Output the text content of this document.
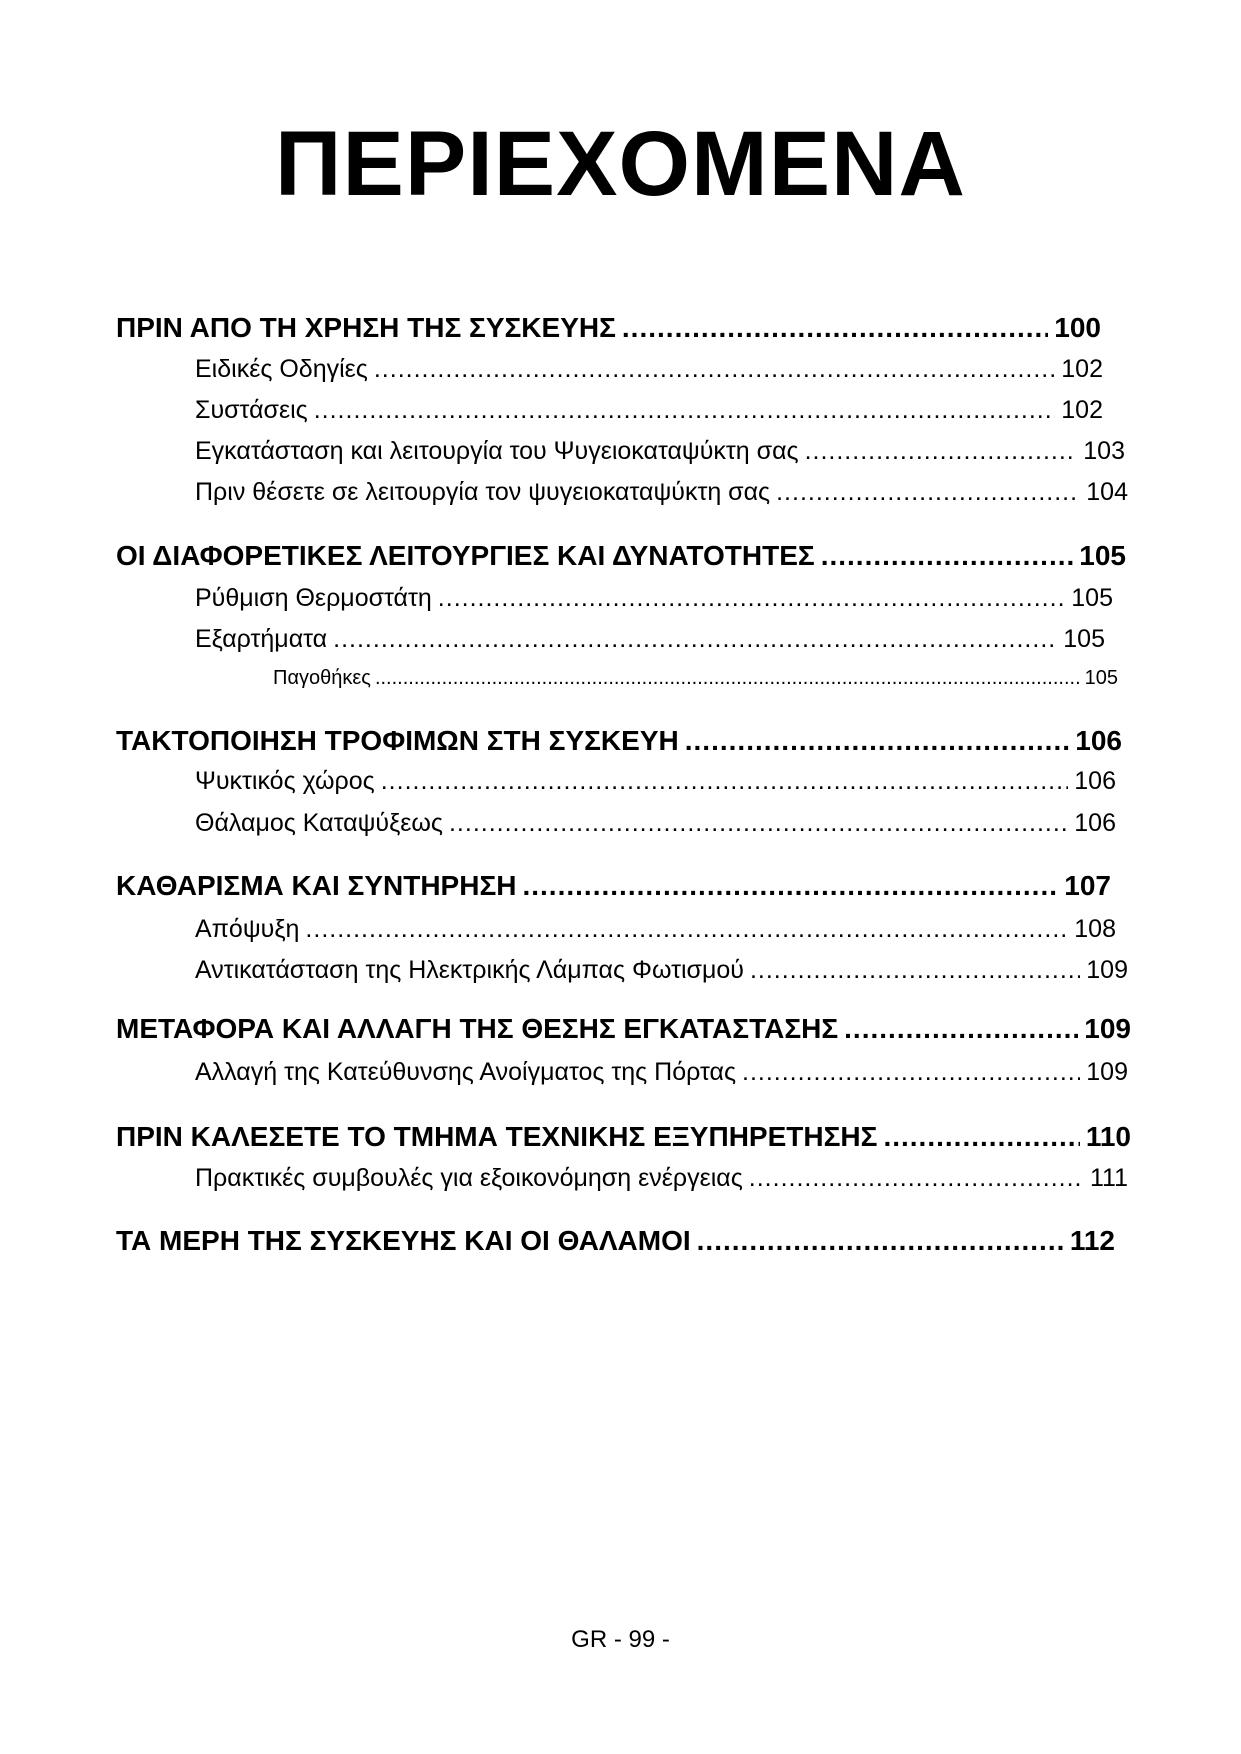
ΠΕΡΙΕΧΟΜΕΝΑ
ΠΡΙΝ ΑΠΟ ΤΗ ΧΡΗΣΗ ΤΗΣ ΣΥΣΚΕΥΗΣ .....	100
Ειδικές Οδηγίες .....	102
Συστάσεις .....	102
Εγκατάσταση και λειτουργία του Ψυγειοκαταψύκτη σας .....	103
Πριν θέσετε σε λειτουργία τον ψυγειοκαταψύκτη σας .....	104
ΟΙ ΔΙΑΦΟΡΕΤΙΚΕΣ ΛΕΙΤΟΥΡΓΙΕΣ ΚΑΙ ΔΥΝΑΤΟΤΗΤΕΣ .....	105
Ρύθμιση Θερμοστάτη .....	105
Εξαρτήματα .....	105
Παγοθήκες .....	105
ΤΑΚΤΟΠΟΙΗΣΗ ΤΡΟΦΙΜΩΝ ΣΤΗ ΣΥΣΚΕΥΗ .....	106
Ψυκτικός χώρος .....	106
Θάλαμος Καταψύξεως .....	106
ΚΑΘΑΡΙΣΜΑ ΚΑΙ ΣΥΝΤΗΡΗΣΗ .....	107
Απόψυξη .....	108
Αντικατάσταση της Ηλεκτρικής Λάμπας Φωτισμού .....	109
ΜΕΤΑΦΟΡΑ ΚΑΙ ΑΛΛΑΓΗ ΤΗΣ ΘΕΣΗΣ ΕΓΚΑΤΑΣΤΑΣΗΣ .....	109
Αλλαγή της Κατεύθυνσης Ανοίγματος της Πόρτας .....	109
ΠΡΙΝ ΚΑΛΕΣΕΤΕ ΤΟ ΤΜΗΜΑ ΤΕΧΝΙΚΗΣ ΕΞΥΠΗΡΕΤΗΣΗΣ .....	110
Πρακτικές συμβουλές για εξοικονόμηση ενέργειας .....	111
ΤΑ ΜΕΡΗ ΤΗΣ ΣΥΣΚΕΥΗΣ ΚΑΙ ΟΙ ΘΑΛΑΜΟΙ .....	112
GR - 99 -
